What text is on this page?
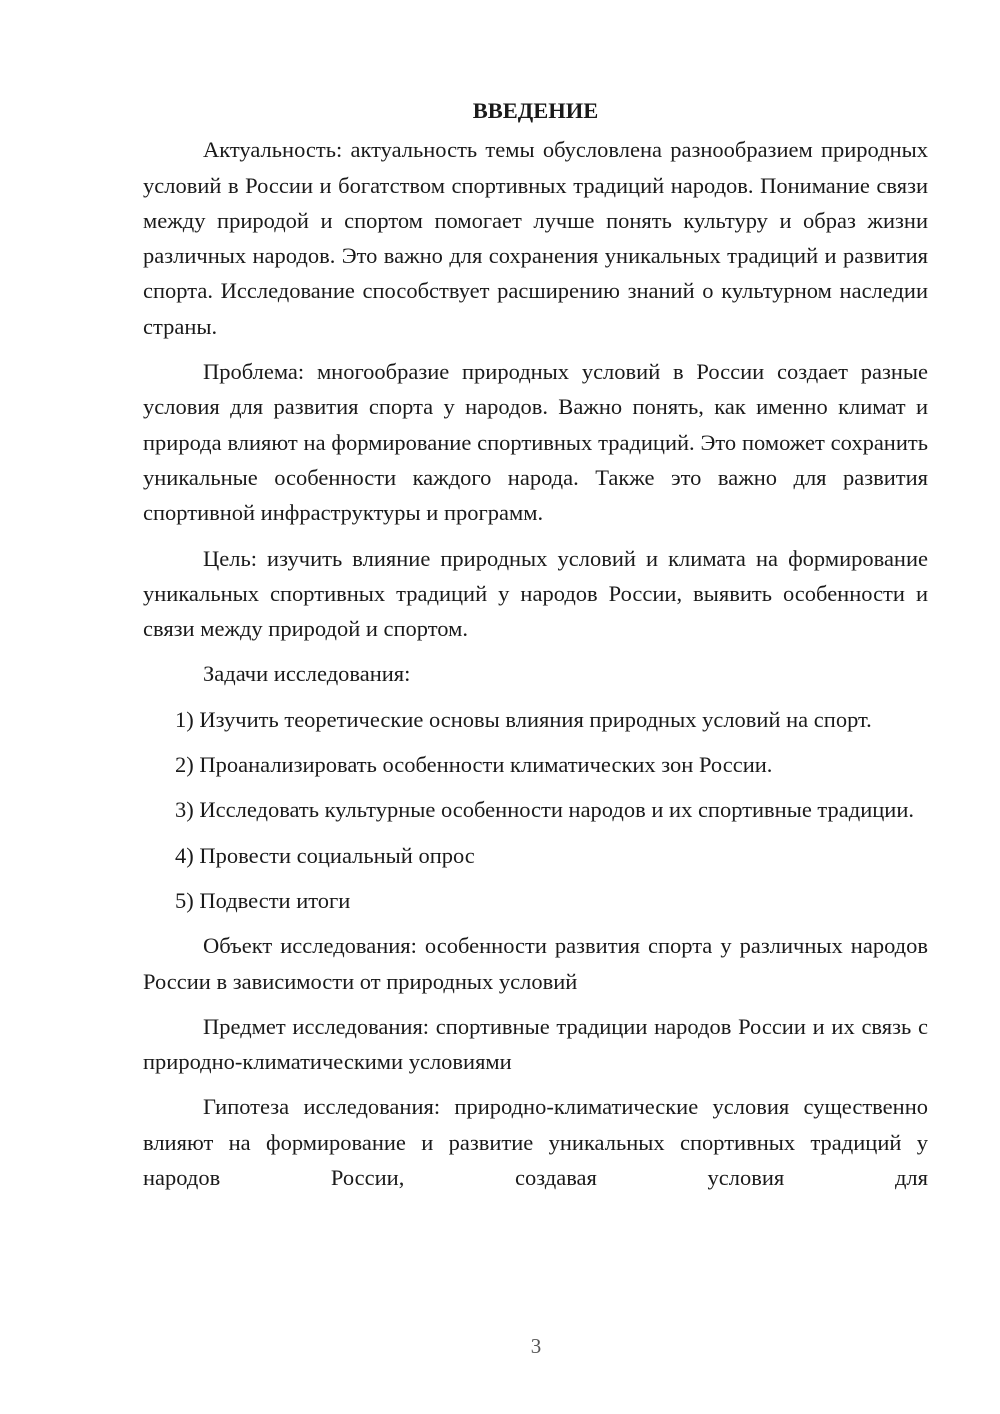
ВВЕДЕНИЕ

Актуальность: актуальность темы обусловлена разнообразием природных условий в России и богатством спортивных традиций народов. Понимание связи между природой и спортом помогает лучше понять культуру и образ жизни различных народов. Это важно для сохранения уникальных традиций и развития спорта. Исследование способствует расширению знаний о культурном наследии страны.

Проблема: многообразие природных условий в России создает разные условия для развития спорта у народов. Важно понять, как именно климат и природа влияют на формирование спортивных традиций. Это поможет сохранить уникальные особенности каждого народа. Также это важно для развития спортивной инфраструктуры и программ.

Цель: изучить влияние природных условий и климата на формирование уникальных спортивных традиций у народов России, выявить особенности и связи между природой и спортом.

Задачи исследования:

1) Изучить теоретические основы влияния природных условий на спорт.

2) Проанализировать особенности климатических зон России.

3) Исследовать культурные особенности народов и их спортивные традиции.

4) Провести социальный опрос

5) Подвести итоги

Объект исследования: особенности развития спорта у различных народов России в зависимости от природных условий

Предмет исследования: спортивные традиции народов России и их связь с природно-климатическими условиями

Гипотеза исследования: природно-климатические условия существенно влияют на формирование и развитие уникальных спортивных традиций у народов России, создавая условия для

3
